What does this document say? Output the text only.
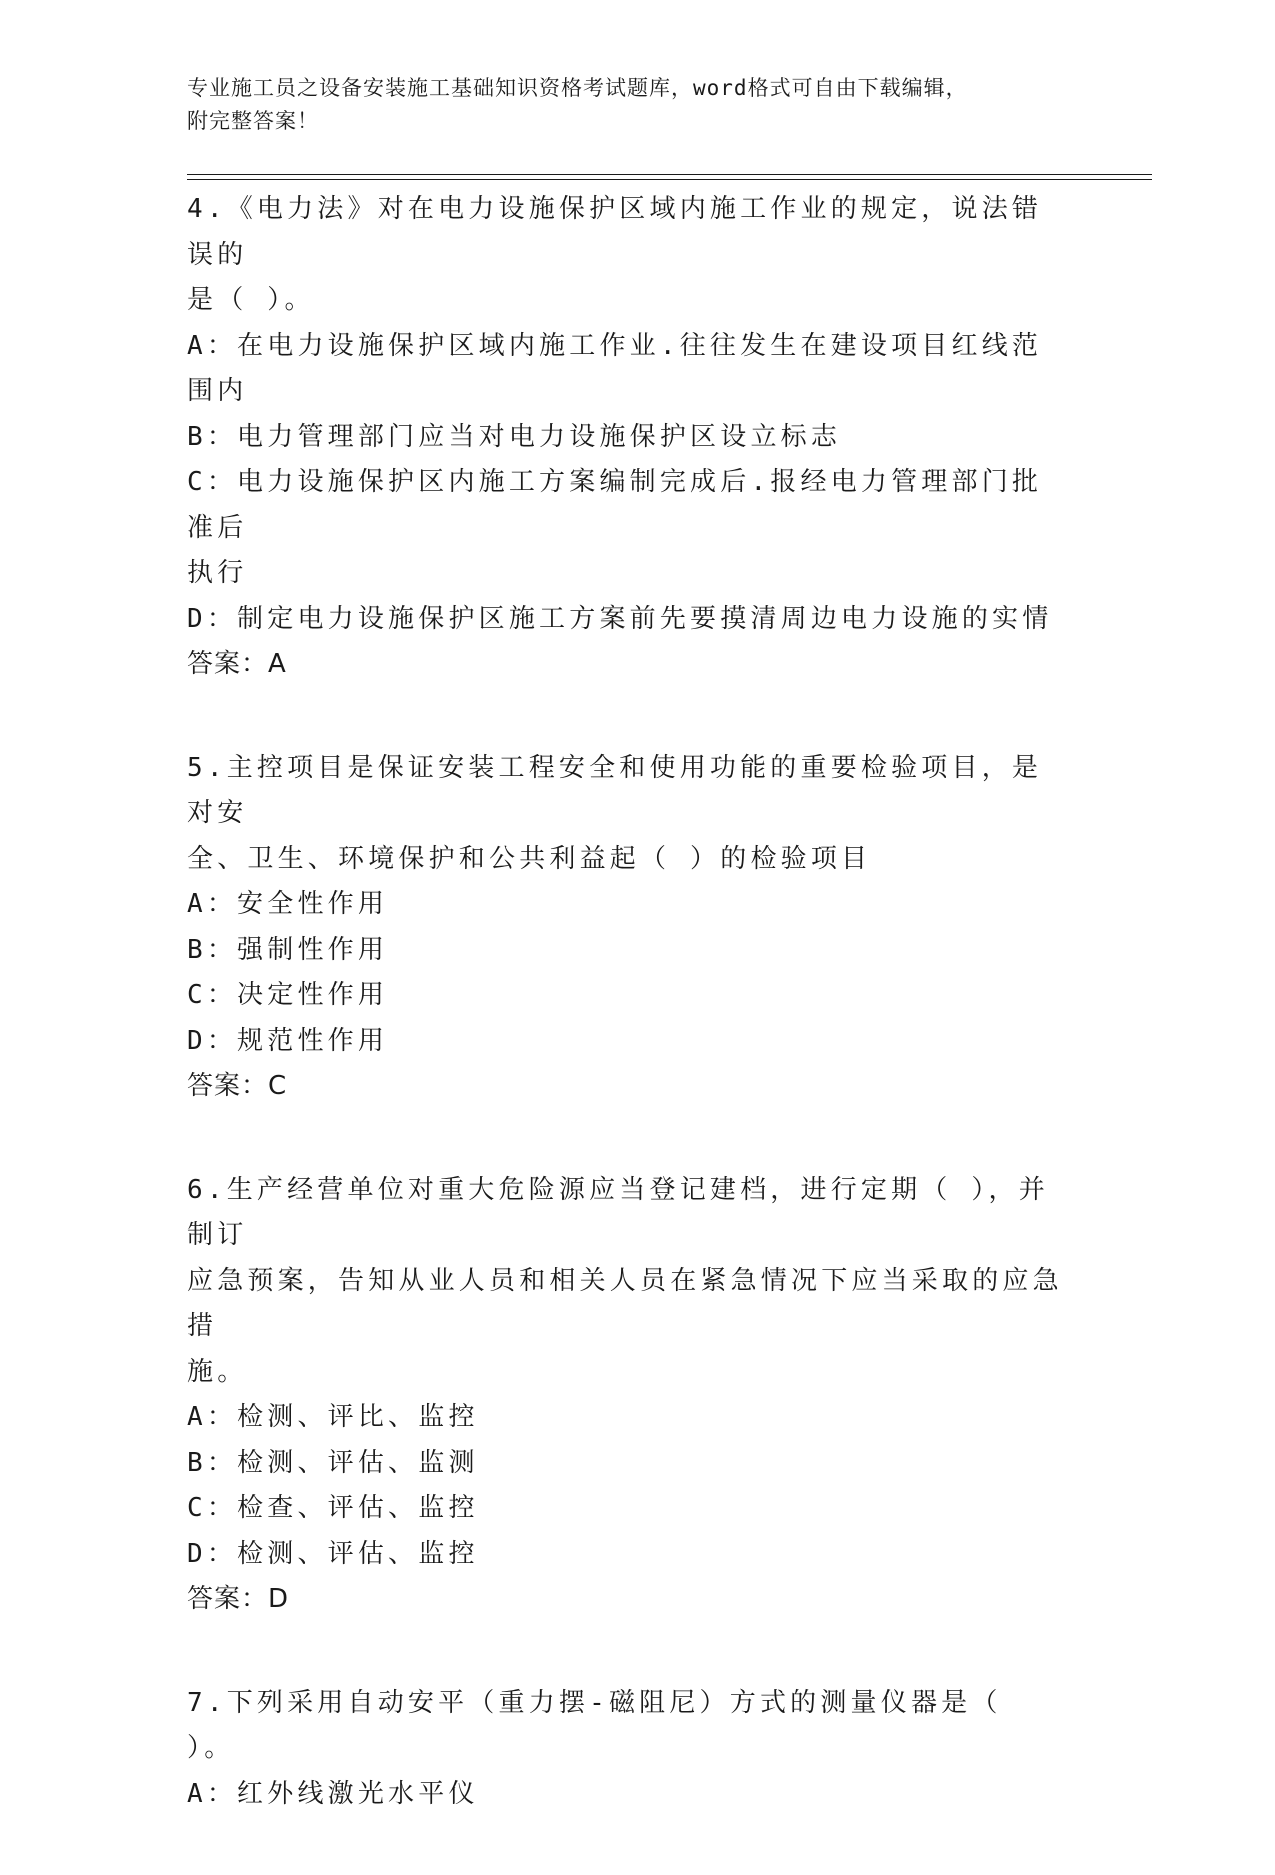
专业施工员之设备安装施工基础知识资格考试题库，word格式可自由下载编辑，
附完整答案！
4.《电力法》对在电力设施保护区域内施工作业的规定，说法错误的
是（ ）。
A：在电力设施保护区域内施工作业.往往发生在建设项目红线范围内
B：电力管理部门应当对电力设施保护区设立标志
C：电力设施保护区内施工方案编制完成后.报经电力管理部门批准后
执行
D：制定电力设施保护区施工方案前先要摸清周边电力设施的实情
答案：A
5.主控项目是保证安装工程安全和使用功能的重要检验项目，是对安
全、卫生、环境保护和公共利益起（ ）的检验项目
A：安全性作用
B：强制性作用
C：决定性作用
D：规范性作用
答案：C
6.生产经营单位对重大危险源应当登记建档，进行定期（ ），并制订
应急预案，告知从业人员和相关人员在紧急情况下应当采取的应急措
施。
A：检测、评比、监控
B：检测、评估、监测
C：检查、评估、监控
D：检测、评估、监控
答案：D
7.下列采用自动安平（重力摆-磁阻尼）方式的测量仪器是（ ）。
A：红外线激光水平仪
